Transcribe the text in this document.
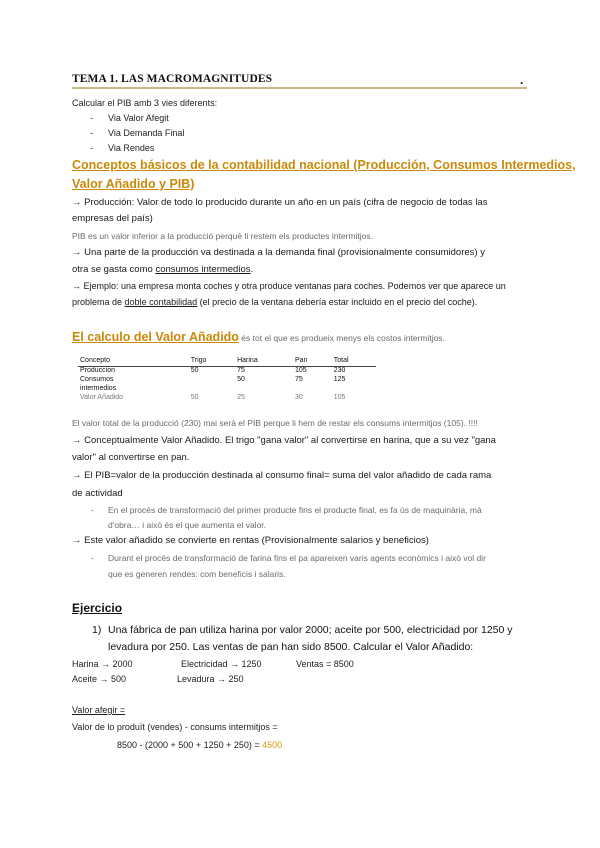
TEMA 1. LAS MACROMAGNITUDES	.
Calcular el PIB amb 3 vies diferents:
- Via Valor Afegit
- Via Demanda Final
- Via Rendes
Conceptos básicos de la contabilidad nacional (Producción, Consumos Intermedios,
Valor Añadido y PIB)
→ Producción: Valor de todo lo producido durante un año en un país (cifra de negocio de todas las
empresas del país)
PIB es un valor inferior a la producció perquè li restem els productes intermitjos.
→ Una parte de la producción va destinada a la demanda final (provisionalmente consumidores) y
otra se gasta como consumos intermedios.
→ Ejemplo: una empresa monta coches y otra produce ventanas para coches. Podemos ver que aparece un
problema de doble contabilidad (el precio de la ventana debería estar incluido en el precio del coche).
El calculo del Valor Añadido és tot el que es produeix menys els costos intermitjos.
Concepto	Trigo	Harina	Pan	Total
Produccion	50	75	105	230
Consumos		50	75	125
intermedios				
Valor Añadido	50	25	30	105
El valor total de la producció (230) mai serà el PIB perque li hem de restar els consums intermitjos (105). !!!!
→ Conceptualmente Valor Añadido. El trigo "gana valor" al convertirse en harina, que a su vez "gana
valor" al convertirse en pan.
→ El PIB=valor de la producción destinada al consumo final= suma del valor añadido de cada rama
de actividad
- En el procés de transformació del primer producte fins el producte final, es fa ús de maquinària, mà
d'obra… i això és el que aumenta el valor.
→ Este valor añadido se convierte en rentas (Provisionalmente salarios y beneficios)
- Durant el procés de transformació de farina fins el pa apareixen varis agents econòmics i això vol dir
que es generen rendes: com beneficis i salaris.
Ejercicio
1) Una fábrica de pan utiliza harina por valor 2000; aceite por 500, electricidad por 1250 y
levadura por 250. Las ventas de pan han sido 8500. Calcular el Valor Añadido:
Harina → 2000	Electricidad → 1250	Ventas = 8500
Aceite → 500	Levadura → 250
Valor afegir =
Valor de lo produït (vendes) - consums intermitjos =
8500 - (2000 + 500 + 1250 + 250) = 4500
